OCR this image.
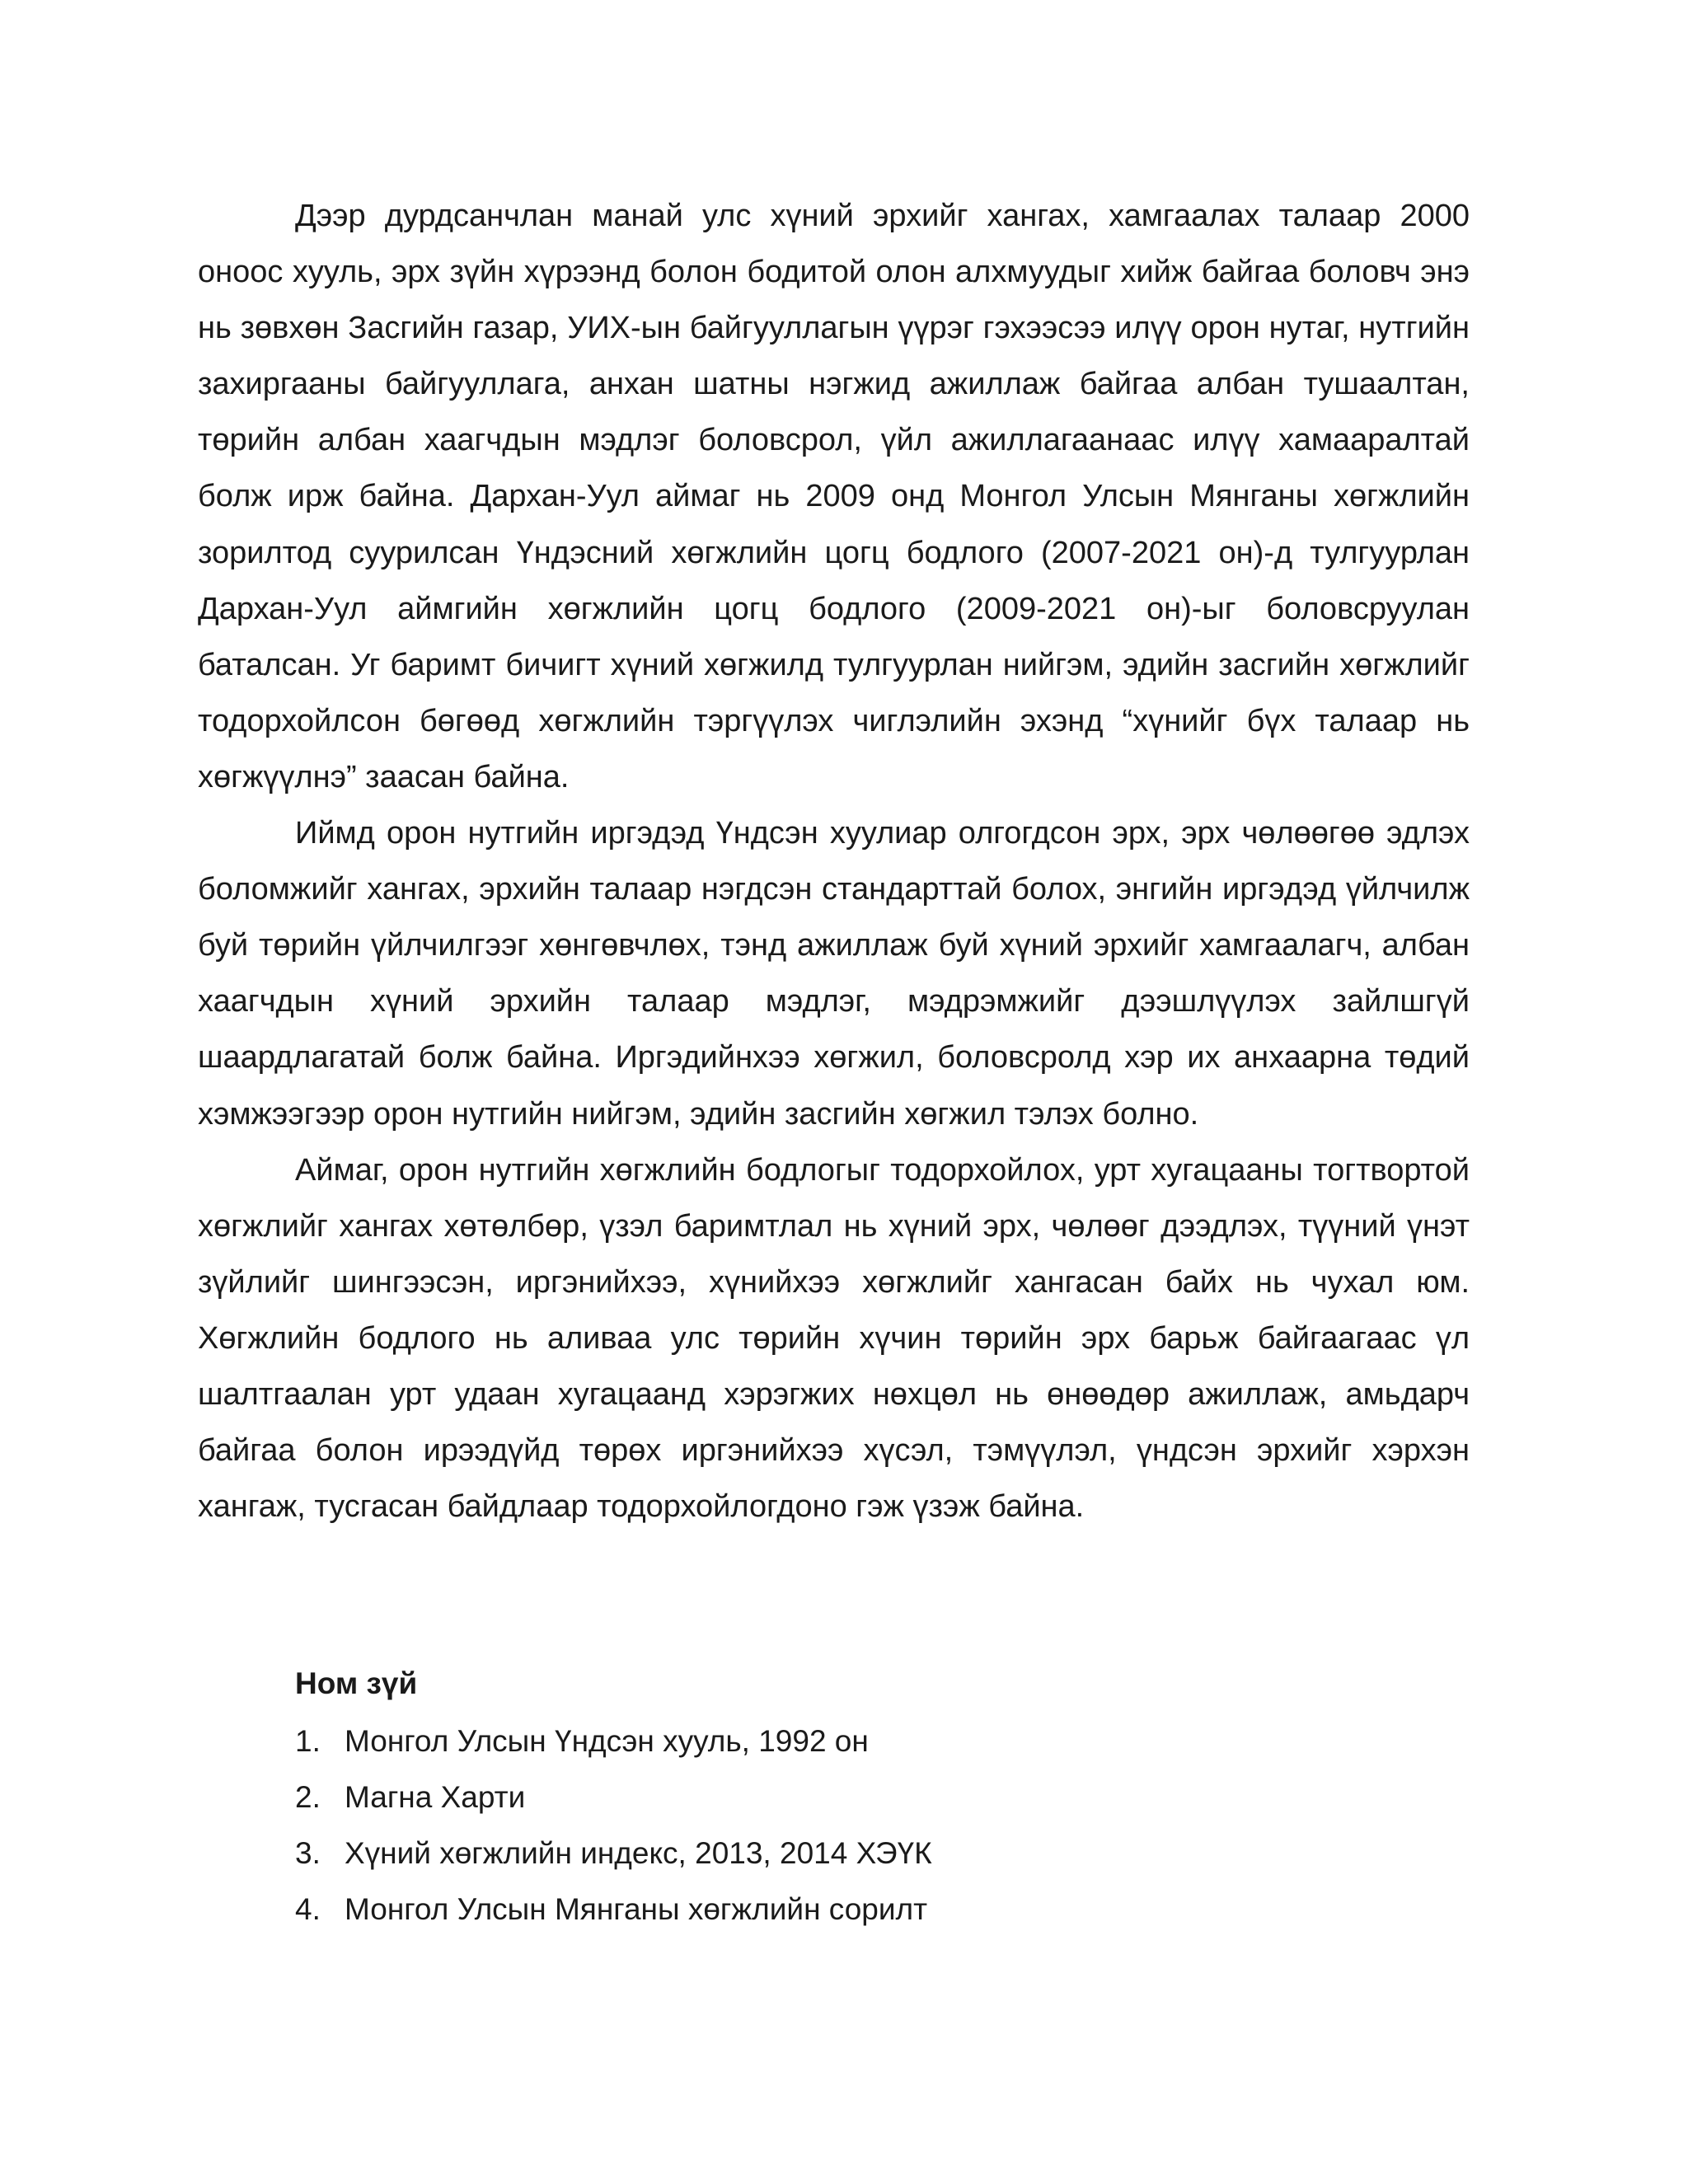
Дээр дурдсанчлан манай улс хүний эрхийг хангах, хамгаалах талаар 2000 оноос хууль, эрх зүйн хүрээнд болон бодитой олон алхмуудыг хийж байгаа боловч энэ нь зөвхөн Засгийн газар, УИХ-ын байгууллагын үүрэг гэхээсээ илүү орон нутаг, нутгийн захиргааны байгууллага, анхан шатны нэгжид ажиллаж байгаа албан тушаалтан, төрийн албан хаагчдын мэдлэг боловсрол, үйл ажиллагаанаас илүү хамааралтай болж ирж байна. Дархан-Уул аймаг нь 2009 онд Монгол Улсын Мянганы хөгжлийн зорилтод суурилсан Үндэсний хөгжлийн цогц бодлого (2007-2021 он)-д тулгуурлан Дархан-Уул аймгийн хөгжлийн цогц бодлого (2009-2021 он)-ыг боловсруулан баталсан. Уг баримт бичигт хүний хөгжилд тулгуурлан нийгэм, эдийн засгийн хөгжлийг тодорхойлсон бөгөөд хөгжлийн тэргүүлэх чиглэлийн эхэнд “хүнийг бүх талаар нь хөгжүүлнэ” заасан байна.

Иймд орон нутгийн иргэдэд Үндсэн хуулиар олгогдсон эрх, эрх чөлөөгөө эдлэх боломжийг хангах, эрхийн талаар нэгдсэн стандарттай болох, энгийн иргэдэд үйлчилж буй төрийн үйлчилгээг хөнгөвчлөх, тэнд ажиллаж буй хүний эрхийг хамгаалагч, албан хаагчдын хүний эрхийн талаар мэдлэг, мэдрэмжийг дээшлүүлэх зайлшгүй шаардлагатай болж байна. Иргэдийнхээ хөгжил, боловсролд хэр их анхаарна төдий хэмжээгээр орон нутгийн нийгэм, эдийн засгийн хөгжил тэлэх болно.

Аймаг, орон нутгийн хөгжлийн бодлогыг тодорхойлох, урт хугацааны тогтвортой хөгжлийг хангах хөтөлбөр, үзэл баримтлал нь хүний эрх, чөлөөг дээдлэх, түүний үнэт зүйлийг шингээсэн, иргэнийхээ, хүнийхээ хөгжлийг хангасан байх нь чухал юм. Хөгжлийн бодлого нь аливаа улс төрийн хүчин төрийн эрх барьж байгаагаас үл шалтгаалан урт удаан хугацаанд хэрэгжих нөхцөл нь өнөөдөр ажиллаж, амьдарч байгаа болон ирээдүйд төрөх иргэнийхээ хүсэл, тэмүүлэл, үндсэн эрхийг хэрхэн хангаж, тусгасан байдлаар тодорхойлогдоно гэж үзэж байна.

Ном зүй
1. Монгол Улсын Үндсэн хууль, 1992 он
2. Магна Харти
3. Хүний хөгжлийн индекс, 2013, 2014 ХЭҮК
4. Монгол Улсын Мянганы хөгжлийн сорилт
